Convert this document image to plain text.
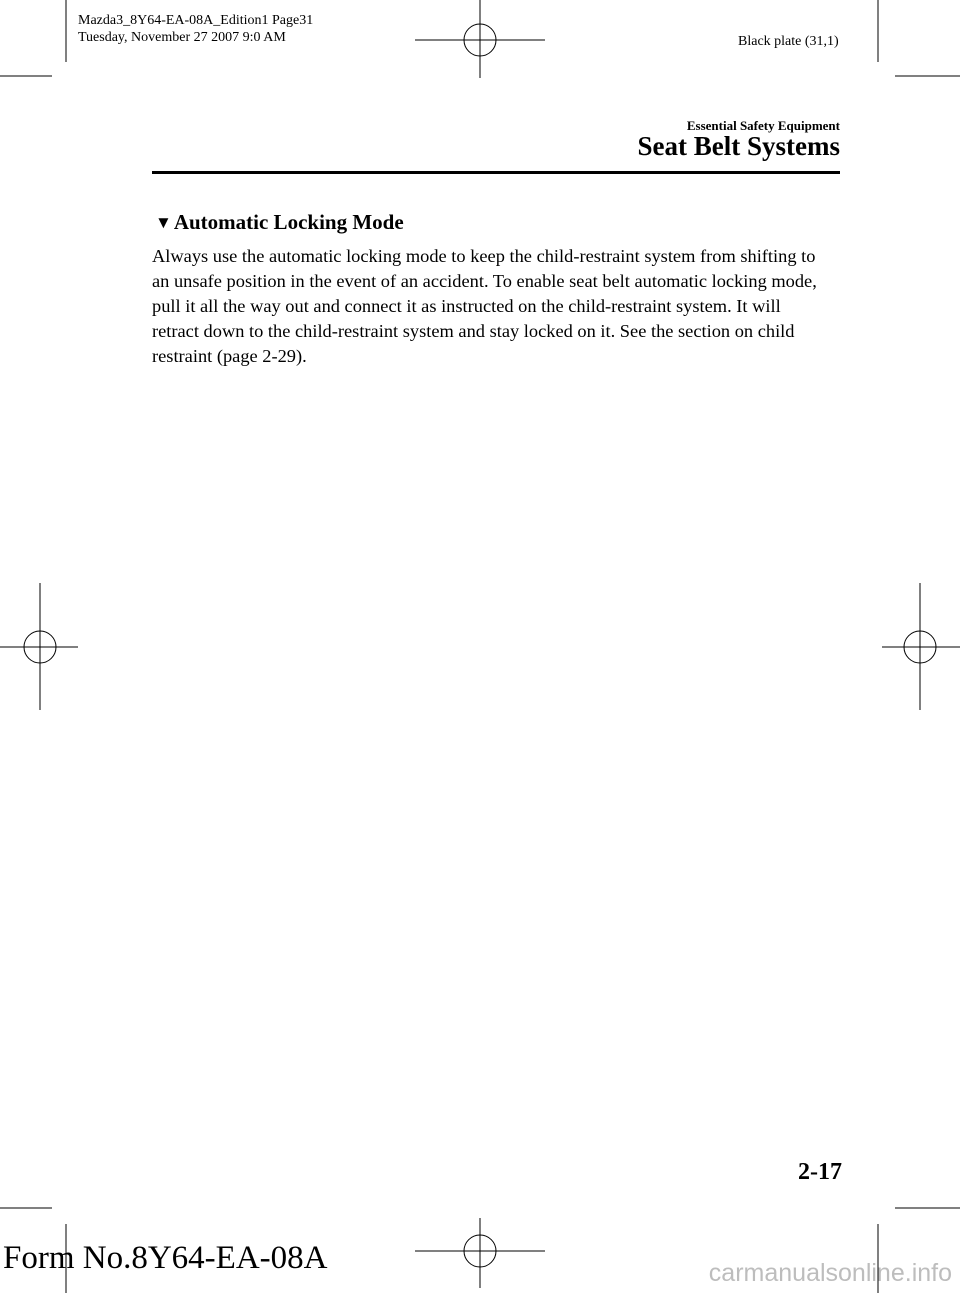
Mazda3_8Y64-EA-08A_Edition1 Page31
Tuesday, November 27 2007 9:0 AM	Black plate (31,1)
Essential Safety Equipment
Seat Belt Systems
▼ Automatic Locking Mode
Always use the automatic locking mode to keep the child-restraint system from shifting to
an unsafe position in the event of an accident. To enable seat belt automatic locking mode,
pull it all the way out and connect it as instructed on the child-restraint system. It will
retract down to the child-restraint system and stay locked on it. See the section on child
restraint (page 2-29).
2-17
Form No.8Y64-EA-08A	carmanualsonline.info
